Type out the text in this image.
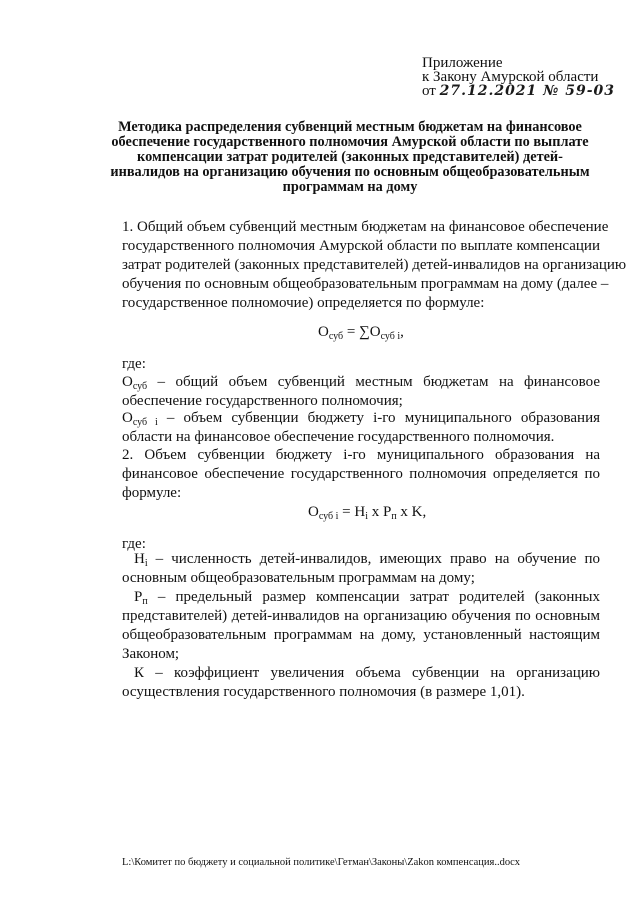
Приложение
к Закону Амурской области
от 27.12.2021 № 59-03
Методика распределения субвенций местным бюджетам на финансовое
обеспечение государственного полномочия Амурской области по выплате
компенсации затрат родителей (законных представителей) детей-
инвалидов на организацию обучения по основным общеобразовательным
программам на дому
1. Общий объем субвенций местным бюджетам на финансовое обеспечение
государственного полномочия Амурской области по выплате компенсации
затрат родителей (законных представителей) детей-инвалидов на организацию
обучения по основным общеобразовательным программам на дому (далее –
государственное полномочие) определяется по формуле:
$О_{суб} = \sum О_{суб i}$,
где:
$О_{суб}$ – общий объем субвенций местным бюджетам на финансовое
обеспечение государственного полномочия;
$О_{суб i}$ – объем субвенции бюджету i-го муниципального образования
области на финансовое обеспечение государственного полномочия.
2. Объем субвенции бюджету i-го муниципального образования на
финансовое обеспечение государственного полномочия определяется по
формуле:
$О_{суб i} = Н_i$ x $Р_п$ x K,
где:
$Н_i$ – численность детей-инвалидов, имеющих право на обучение по
основным общеобразовательным программам на дому;
$Р_п$ – предельный размер компенсации затрат родителей (законных
представителей) детей-инвалидов на организацию обучения по основным
общеобразовательным программам на дому, установленный настоящим
Законом;
К – коэффициент увеличения объема субвенции на организацию
осуществления государственного полномочия (в размере 1,01).
L:\Комитет по бюджету и социальной политике\Гетман\Законы\Zakon компенсация..docx
